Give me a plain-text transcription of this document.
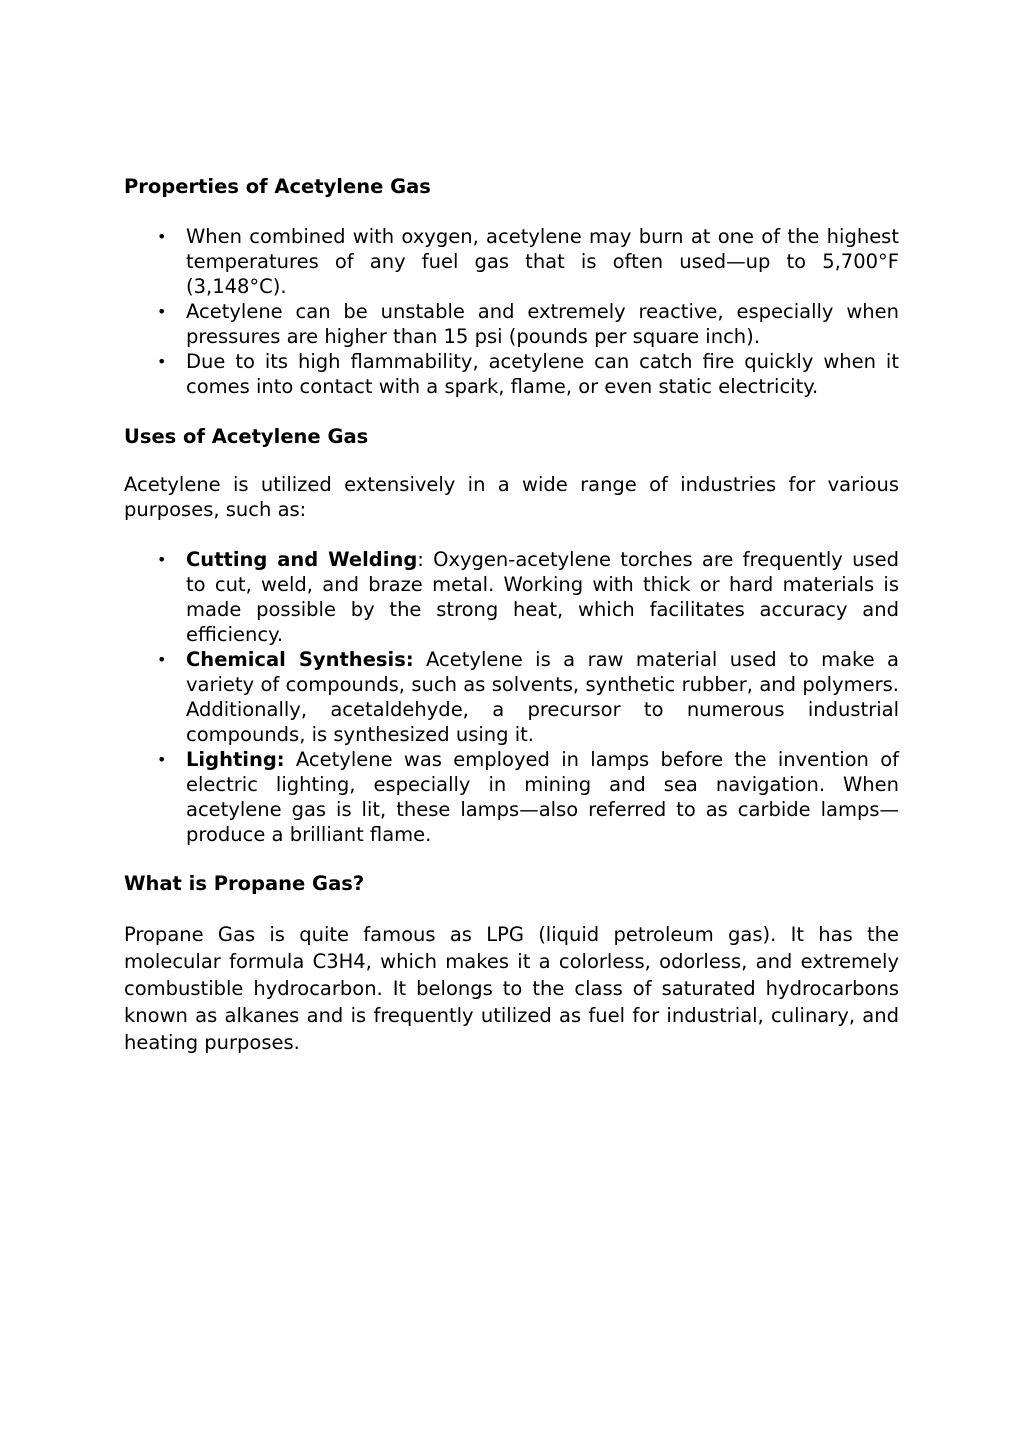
Properties of Acetylene Gas
• When combined with oxygen, acetylene may burn at one of the highest temperatures of any fuel gas that is often used—up to 5,700°F (3,148°C).
• Acetylene can be unstable and extremely reactive, especially when pressures are higher than 15 psi (pounds per square inch).
• Due to its high flammability, acetylene can catch fire quickly when it comes into contact with a spark, flame, or even static electricity.
Uses of Acetylene Gas

Acetylene is utilized extensively in a wide range of industries for various purposes, such as:

• Cutting and Welding: Oxygen-acetylene torches are frequently used to cut, weld, and braze metal. Working with thick or hard materials is made possible by the strong heat, which facilitates accuracy and efficiency.
• Chemical Synthesis: Acetylene is a raw material used to make a variety of compounds, such as solvents, synthetic rubber, and polymers. Additionally, acetaldehyde, a precursor to numerous industrial compounds, is synthesized using it.
• Lighting: Acetylene was employed in lamps before the invention of electric lighting, especially in mining and sea navigation. When acetylene gas is lit, these lamps—also referred to as carbide lamps—produce a brilliant flame.
What is Propane Gas?

Propane Gas is quite famous as LPG (liquid petroleum gas). It has the molecular formula C3H4, which makes it a colorless, odorless, and extremely combustible hydrocarbon. It belongs to the class of saturated hydrocarbons known as alkanes and is frequently utilized as fuel for industrial, culinary, and heating purposes.
